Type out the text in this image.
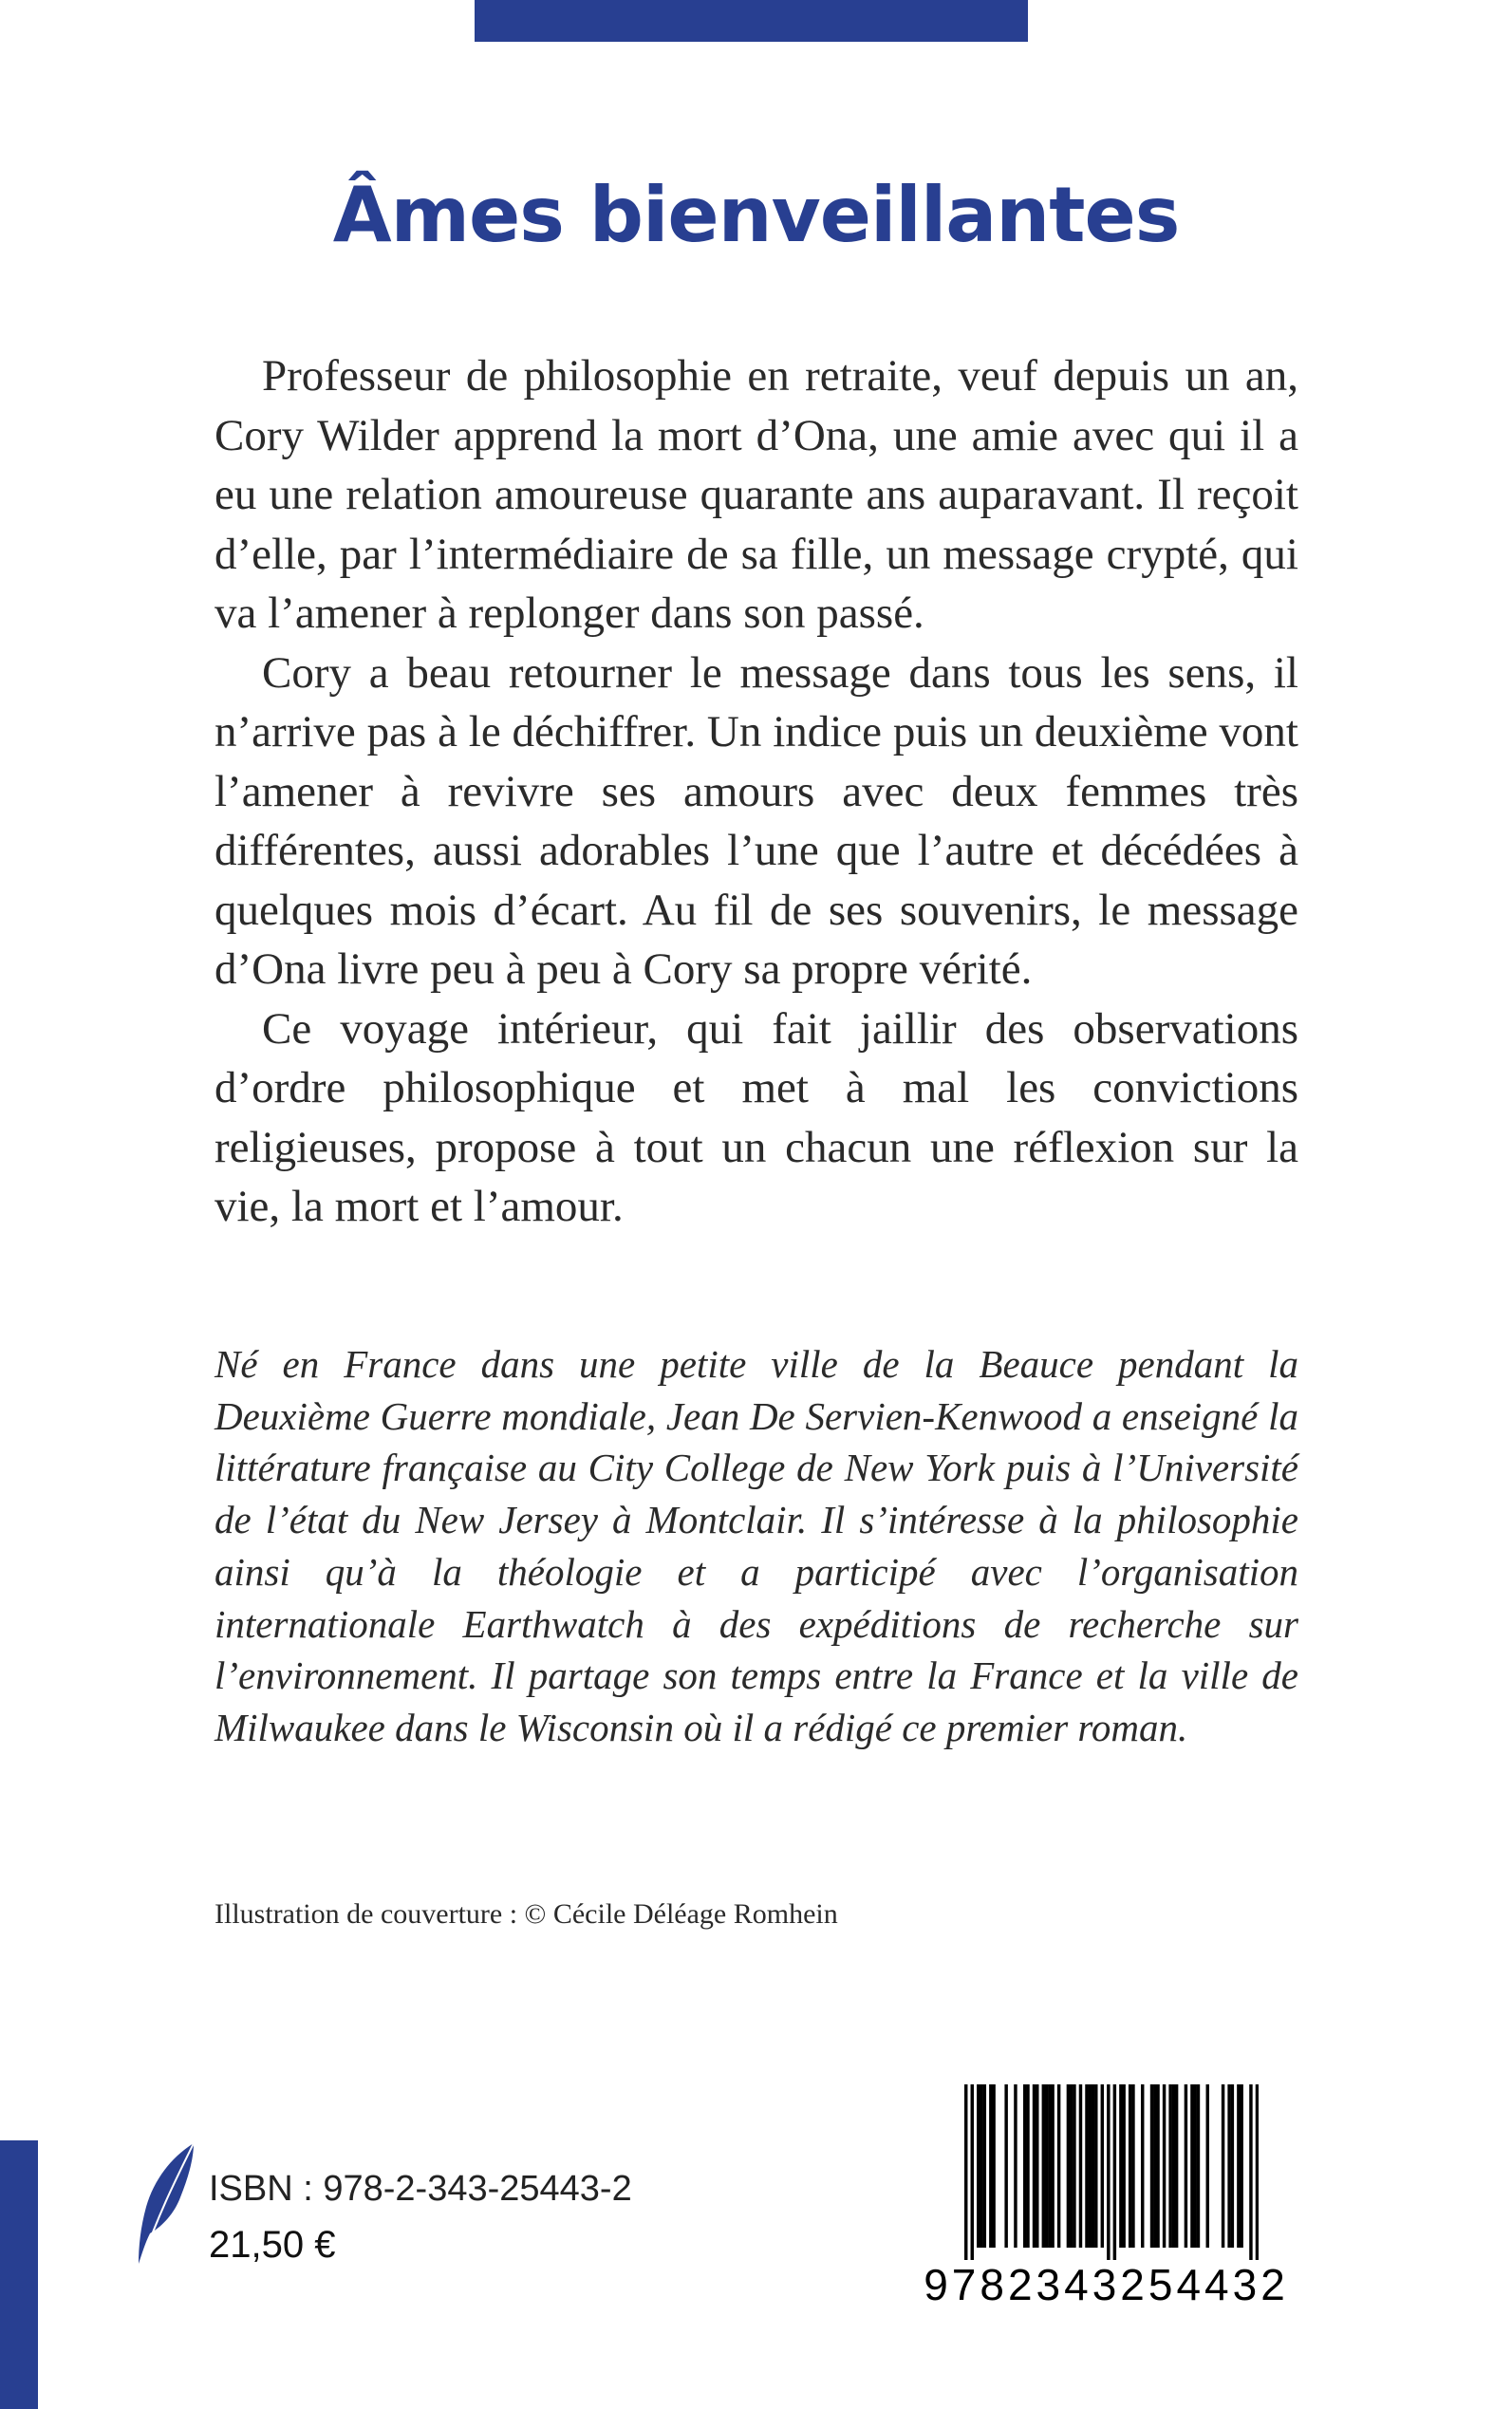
Âmes bienveillantes

Professeur de philosophie en retraite, veuf depuis un an, Cory Wilder apprend la mort d’Ona, une amie avec qui il a eu une relation amoureuse quarante ans auparavant. Il reçoit d’elle, par l’intermédiaire de sa fille, un message crypté, qui va l’amener à replonger dans son passé.

Cory a beau retourner le message dans tous les sens, il n’arrive pas à le déchiffrer. Un indice puis un deuxième vont l’amener à revivre ses amours avec deux femmes très différentes, aussi adorables l’une que l’autre et décédées à quelques mois d’écart. Au fil de ses souvenirs, le message d’Ona livre peu à peu à Cory sa propre vérité.

Ce voyage intérieur, qui fait jaillir des observations d’ordre philosophique et met à mal les convictions religieuses, propose à tout un chacun une réflexion sur la vie, la mort et l’amour.

Né en France dans une petite ville de la Beauce pendant la Deuxième Guerre mondiale, Jean De Servien-Kenwood a enseigné la littérature française au City College de New York puis à l’Université de l’état du New Jersey à Montclair. Il s’intéresse à la philosophie ainsi qu’à la théologie et a participé avec l’organisation internationale Earthwatch à des expéditions de recherche sur l’environnement. Il partage son temps entre la France et la ville de Milwaukee dans le Wisconsin où il a rédigé ce premier roman.

Illustration de couverture : © Cécile Déléage Romhein

ISBN : 978-2-343-25443-2

21,50 €

9782343254432
